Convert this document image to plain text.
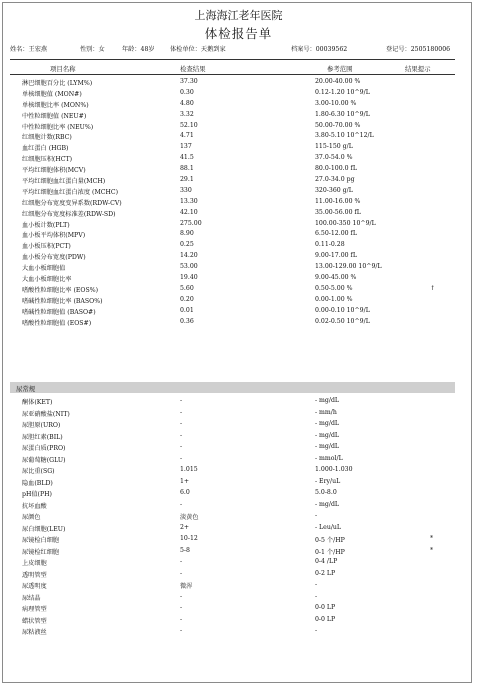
上海海江老年医院
体检报告单
姓名：王宏燕	性别：女	年龄：48岁 体检单位：天鹅到家	档案号：00039562	登记号：2505180006
项目名称	检查结果	参考范围	结果提示
淋巴细胞百分比 (LYM%)	37.30	20.00-40.00 %
单核细胞值 (MON#)	0.30	0.12-1.20 10^9/L
单核细胞比率 (MON%)	4.80	3.00-10.00 %
中性粒细胞值 (NEU#)	3.32	1.80-6.30 10^9/L
中性粒细胞比率 (NEU%)	52.10	50.00-70.00 %
红细胞计数(RBC)	4.71	3.80-5.10 10^12/L
血红蛋白 (HGB)	137	115-150 g/L
红细胞压积(HCT)	41.5	37.0-54.0 %
平均红细胞体积(MCV)	88.1	80.0-100.0 fL
平均红细胞血红蛋白量(MCH)	29.1	27.0-34.0 pg
平均红细胞血红蛋白浓度 (MCHC)	330	320-360 g/L
红细胞分布宽度变异系数(RDW-CV)	13.30	11.00-16.00 %
红细胞分布宽度标准差(RDW-SD)	42.10	35.00-56.00 fL
血小板计数(PLT)	275.00	100.00-350 10^9/L
血小板平均体积(MPV)	8.90	6.50-12.00 fL
血小板压积(PCT)	0.25	0.11-0.28
血小板分布宽度(PDW)	14.20	9.00-17.00 fL
大血小板细胞值	53.00	13.00-129.00 10^9/L
大血小板细胞比率	19.40	9.00-45.00 %
嗜酸性粒细胞比率 (EOS%)	5.60	0.50-5.00 %	↑
嗜碱性粒细胞比率 (BASO%)	0.20	0.00-1.00 %
嗜碱性粒细胞值 (BASO#)	0.01	0.00-0.10 10^9/L
嗜酸性粒细胞值 (EOS#)	0.36	0.02-0.50 10^9/L
尿常规
酮体(KET)	-	- mg/dL
尿亚硝酸盐(NIT)	-	- mm/h
尿胆原(URO)	-	- mg/dL
尿胆红素(BIL)	-	- mg/dL
尿蛋白质(PRO)	-	- mg/dL
尿葡萄糖(GLU)	-	- mmol/L
尿比重(SG)	1.015	1.000-1.030
隐血(BLD)	1+	- Ery/uL
pH值(PH)	6.0	5.0-8.0
抗坏血酸	-	- mg/dL
尿颜色	淡黄色	-
尿白细胞(LEU)	2+	- Leu/uL
尿镜检白细胞	10-12	0-5 个/HP	*
尿镜检红细胞	5-8	0-1 个/HP	*
上皮细胞	-	0-4 /LP
透明管型	-	0-2 LP
尿透明度	微浑	-
尿结晶	-	-
病理管型	-	0-0 LP
蜡状管型	-	0-0 LP
尿粘液丝	-	-
